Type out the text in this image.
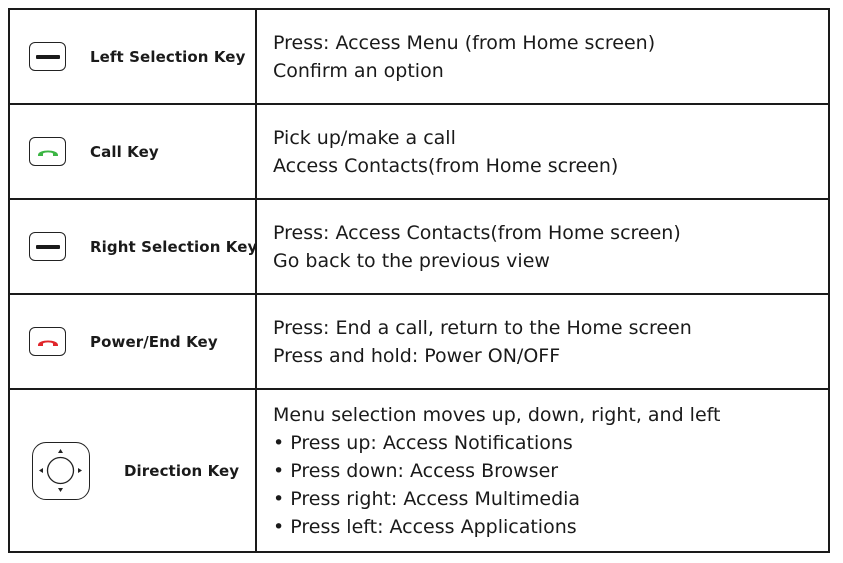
Left Selection Key	Press: Access Menu (from Home screen)
Confirm an option

Call Key	Pick up/make a call
Access Contacts(from Home screen)

Right Selection Key	Press: Access Contacts(from Home screen)
Go back to the previous view

Power/End Key	Press: End a call, return to the Home screen
Press and hold: Power ON/OFF

Direction Key	Menu selection moves up, down, right, and left
• Press up: Access Notifications
• Press down: Access Browser
• Press right: Access Multimedia
• Press left: Access Applications
